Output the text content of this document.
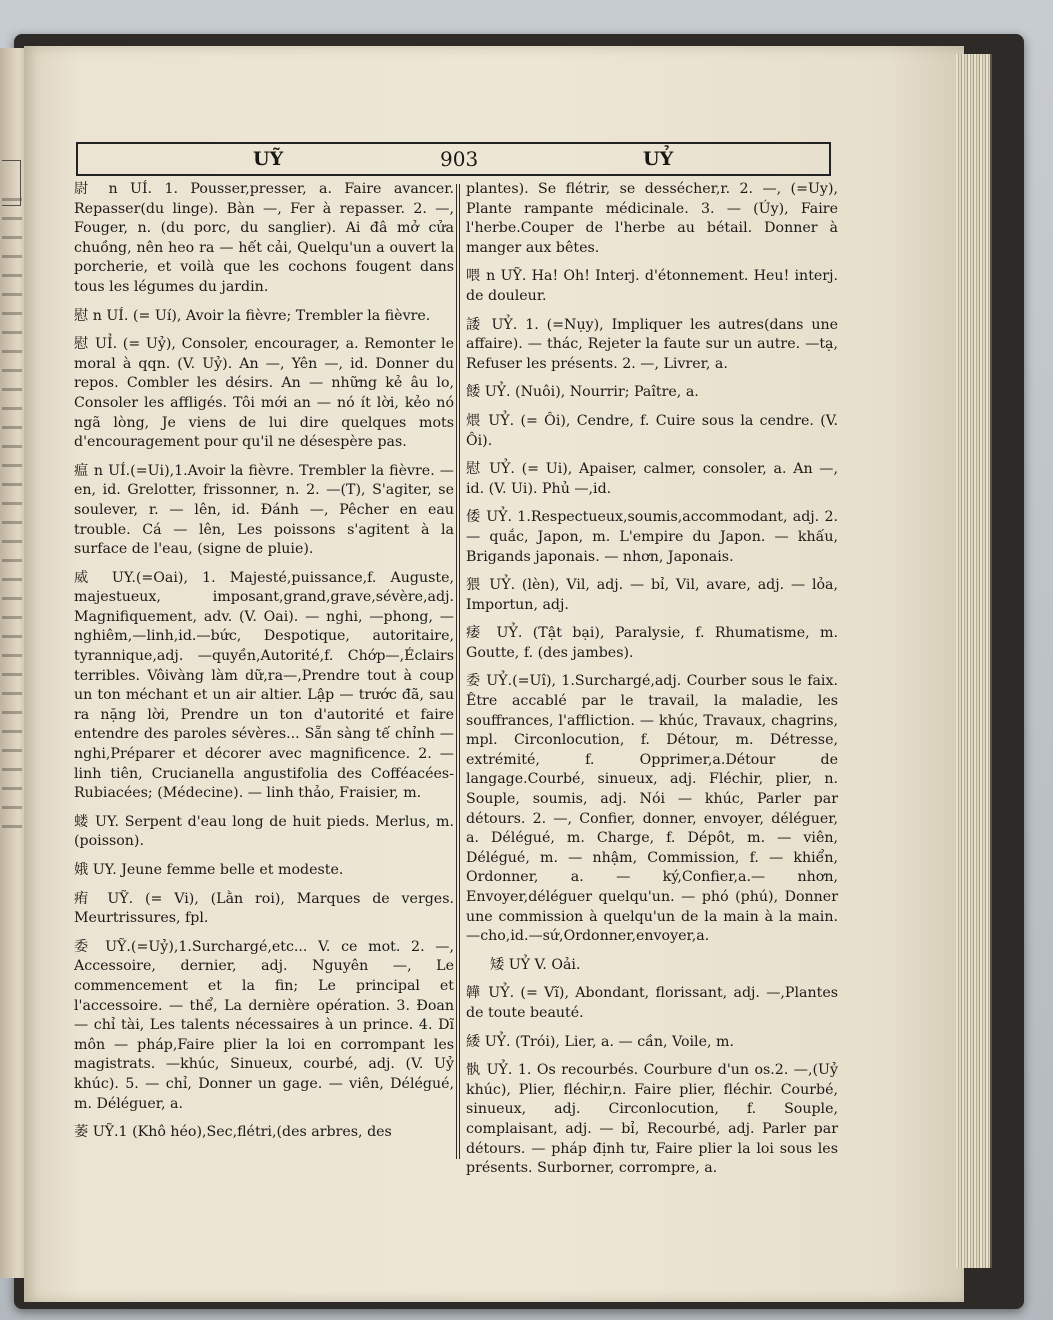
UỸ	903	UỶ

尉 n UÍ. 1. Pousser,presser, a. Faire avancer. Repasser(du linge). Bàn —, Fer à repasser. 2. —, Fouger, n. (du porc, du sanglier). Ai đâ mở cửa chuồng, nên heo ra — hết cải, Quelqu'un a ouvert la porcherie, et voilà que les cochons fougent dans tous les légumes du jardin.

慰 n UÍ. (= Uí), Avoir la fièvre; Trembler la fièvre.

慰 UỈ. (= Uỷ), Consoler, encourager, a. Remonter le moral à qqn. (V. Uỷ). An —, Yên —, id. Donner du repos. Combler les désirs. An — những kẻ âu lo, Consoler les affligés. Tôi mới an — nó ít lời, kẻo nó ngã lòng, Je viens de lui dire quelques mots d'encouragement pour qu'il ne désespère pas.

瘟 n UÍ.(=Ui),1.Avoir la fièvre. Trembler la fièvre. — en, id. Grelotter, frissonner, n. 2. —(T), S'agiter, se soulever, r. — lên, id. Đánh —, Pêcher en eau trouble. Cá — lên, Les poissons s'agitent à la surface de l'eau, (signe de pluie).

威 UY.(=Oai), 1. Majesté,puissance,f. Auguste, majestueux, imposant,grand,grave,sévère,adj. Magnifiquement, adv. (V. Oai). — nghi, —phong, —nghiêm,—linh,id.—bức, Despotique, autoritaire, tyrannique,adj. —quyền,Autorité,f. Chớp—,Éclairs terribles. Vôivàng làm dữ,ra—,Prendre tout à coup un ton méchant et un air altier. Lập — trước đã, sau ra nặng lời, Prendre un ton d'autorité et faire entendre des paroles sévères... Sẵn sàng tế chỉnh —nghi,Préparer et décorer avec magnificence. 2. — linh tiên, Crucianella angustifolia des Cofféacées-Rubiacées; (Médecine). — linh thảo, Fraisier, m.

蝼 UY. Serpent d'eau long de huit pieds. Merlus, m. (poisson).

娥 UY. Jeune femme belle et modeste.

痏 UỸ. (= Vi), (Lằn roi), Marques de verges. Meurtrissures, fpl.

委 UỸ.(=Uỷ),1.Surchargé,etc... V. ce mot. 2. —, Accessoire, dernier, adj. Nguyên —, Le commencement et la fin; Le principal et l'accessoire. — thể, La dernière opération. 3. Đoan — chỉ tài, Les talents nécessaires à un prince. 4. Dĩ môn — pháp,Faire plier la loi en corrompant les magistrats. —khúc, Sinueux, courbé, adj. (V. Uỷ khúc). 5. — chỉ, Donner un gage. — viên, Délégué, m. Déléguer, a.

萎 UỸ.1 (Khô héo),Sec,flétri,(des arbres, des

plantes). Se flétrir, se dessécher,r. 2. —, (=Uy), Plante rampante médicinale. 3. — (Úy), Faire l'herbe.Couper de l'herbe au bétail. Donner à manger aux bêtes.

喂 n UỸ. Ha! Oh! Interj. d'étonnement. Heu! interj. de douleur.

諉 UỶ. 1. (=Nụy), Impliquer les autres(dans une affaire). — thác, Rejeter la faute sur un autre. —tạ, Refuser les présents. 2. —, Livrer, a.

餧 UỶ. (Nuôi), Nourrir; Paître, a.

煨 UỶ. (= Ôi), Cendre, f. Cuire sous la cendre. (V. Ôi).

慰 UỶ. (= Ui), Apaiser, calmer, consoler, a. An —, id. (V. Ui). Phủ —,id.

倭 UỶ. 1.Respectueux,soumis,accommodant, adj. 2.— quắc, Japon, m. L'empire du Japon. — khấu, Brigands japonais. — nhơn, Japonais.

猥 UỶ. (lèn), Vil, adj. — bỉ, Vil, avare, adj. — lỏa, Importun, adj.

痿 UỶ. (Tật bại), Paralysie, f. Rhumatisme, m. Goutte, f. (des jambes).

委 UỶ.(=Uî), 1.Surchargé,adj. Courber sous le faix. Être accablé par le travail, la maladie, les souffrances, l'affliction. — khúc, Travaux, chagrins, mpl. Circonlocution, f. Détour, m. Détresse, extrémité, f. Opprimer,a.Détour de langage.Courbé, sinueux, adj. Fléchir, plier, n. Souple, soumis, adj. Nói — khúc, Parler par détours. 2. —, Confier, donner, envoyer, déléguer, a. Délégué, m. Charge, f. Dépôt, m. — viên, Délégué, m. — nhậm, Commission, f. — khiển, Ordonner, a. — ký,Confier,a.— nhơn, Envoyer,déléguer quelqu'un. — phó (phú), Donner une commission à quelqu'un de la main à la main.—cho,id.—sứ,Ordonner,envoyer,a.

矮 UỶ V. Oải.

韡 UỶ. (= Vĩ), Abondant, florissant, adj. —,Plantes de toute beauté.

緌 UỶ. (Trói), Lier, a. — cần, Voile, m.

骫 UỶ. 1. Os recourbés. Courbure d'un os.2. —,(Uỷ khúc), Plier, fléchir,n. Faire plier, fléchir. Courbé, sinueux, adj. Circonlocution, f. Souple, complaisant, adj. — bỉ, Recourbé, adj. Parler par détours. — pháp định tư, Faire plier la loi sous les présents. Surborner, corrompre, a.
